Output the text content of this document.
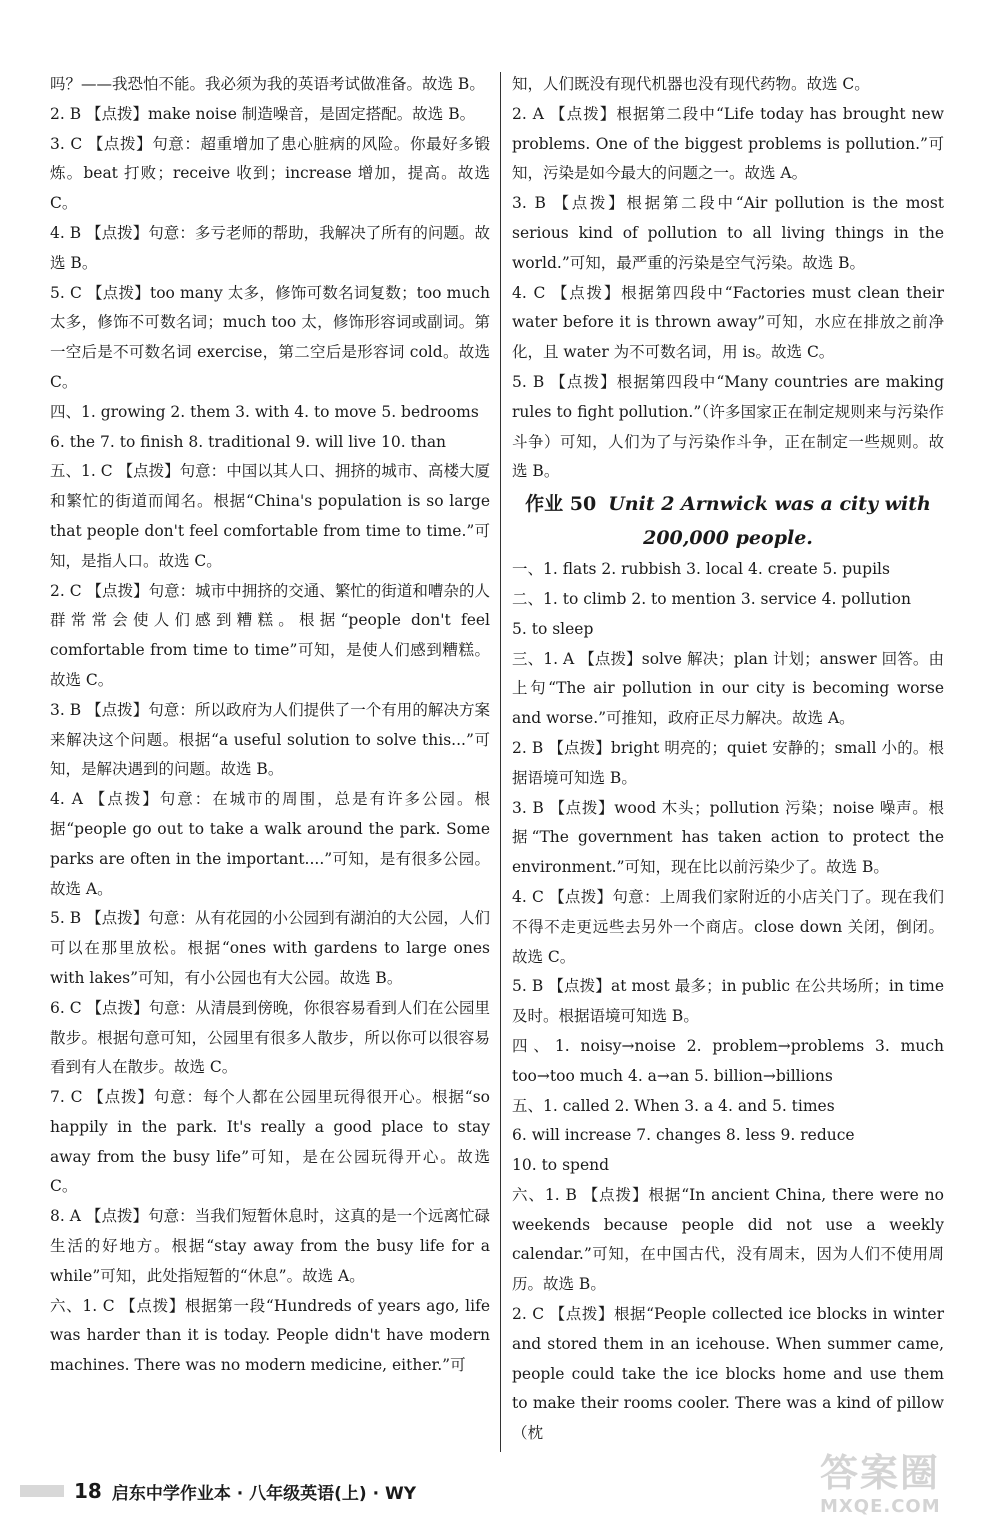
吗？——我恐怕不能。我必须为我的英语考试做准备。故选 B。

2. B 【点拨】make noise 制造噪音，是固定搭配。故选 B。

3. C 【点拨】句意：超重增加了患心脏病的风险。你最好多锻炼。beat 打败；receive 收到；increase 增加，提高。故选 C。

4. B 【点拨】句意：多亏老师的帮助，我解决了所有的问题。故选 B。

5. C 【点拨】too many 太多，修饰可数名词复数；too much 太多，修饰不可数名词；much too 太，修饰形容词或副词。第一空后是不可数名词 exercise，第二空后是形容词 cold。故选 C。

四、1. growing 2. them 3. with 4. to move 5. bedrooms

6. the 7. to finish 8. traditional 9. will live 10. than

五、1. C 【点拨】句意：中国以其人口、拥挤的城市、高楼大厦和繁忙的街道而闻名。根据“China's population is so large that people don't feel comfortable from time to time.”可知，是指人口。故选 C。

2. C 【点拨】句意：城市中拥挤的交通、繁忙的街道和嘈杂的人群常常会使人们感到糟糕。根据“people don't feel comfortable from time to time”可知，是使人们感到糟糕。故选 C。

3. B 【点拨】句意：所以政府为人们提供了一个有用的解决方案来解决这个问题。根据“a useful solution to solve this...”可知，是解决遇到的问题。故选 B。

4. A 【点拨】句意：在城市的周围，总是有许多公园。根据“people go out to take a walk around the park. Some parks are often in the important....”可知，是有很多公园。故选 A。

5. B 【点拨】句意：从有花园的小公园到有湖泊的大公园，人们可以在那里放松。根据“ones with gardens to large ones with lakes”可知，有小公园也有大公园。故选 B。

6. C 【点拨】句意：从清晨到傍晚，你很容易看到人们在公园里散步。根据句意可知，公园里有很多人散步，所以你可以很容易看到有人在散步。故选 C。

7. C 【点拨】句意：每个人都在公园里玩得很开心。根据“so happily in the park. It's really a good place to stay away from the busy life”可知，是在公园玩得开心。故选 C。

8. A 【点拨】句意：当我们短暂休息时，这真的是一个远离忙碌生活的好地方。根据“stay away from the busy life for a while”可知，此处指短暂的“休息”。故选 A。

六、1. C 【点拨】根据第一段“Hundreds of years ago, life was harder than it is today. People didn't have modern machines. There was no modern medicine, either.”可

知，人们既没有现代机器也没有现代药物。故选 C。

2. A 【点拨】根据第二段中“Life today has brought new problems. One of the biggest problems is pollution.”可知，污染是如今最大的问题之一。故选 A。

3. B 【点拨】根据第二段中“Air pollution is the most serious kind of pollution to all living things in the world.”可知，最严重的污染是空气污染。故选 B。

4. C 【点拨】根据第四段中“Factories must clean their water before it is thrown away”可知，水应在排放之前净化，且 water 为不可数名词，用 is。故选 C。

5. B 【点拨】根据第四段中“Many countries are making rules to fight pollution.”（许多国家正在制定规则来与污染作斗争）可知，人们为了与污染作斗争，正在制定一些规则。故选 B。

作业 50 Unit 2 Arnwick was a city with

200,000 people.

一、1. flats 2. rubbish 3. local 4. create 5. pupils

二、1. to climb 2. to mention 3. service 4. pollution

5. to sleep

三、1. A 【点拨】solve 解决；plan 计划；answer 回答。由上句“The air pollution in our city is becoming worse and worse.”可推知，政府正尽力解决。故选 A。

2. B 【点拨】bright 明亮的；quiet 安静的；small 小的。根据语境可知选 B。

3. B 【点拨】wood 木头；pollution 污染；noise 噪声。根据“The government has taken action to protect the environment.”可知，现在比以前污染少了。故选 B。

4. C 【点拨】句意：上周我们家附近的小店关门了。现在我们不得不走更远些去另外一个商店。close down 关闭，倒闭。故选 C。

5. B 【点拨】at most 最多；in public 在公共场所；in time 及时。根据语境可知选 B。

四、1. noisy→noise 2. problem→problems 3. much too→too much 4. a→an 5. billion→billions

五、1. called 2. When 3. a 4. and 5. times

6. will increase 7. changes 8. less 9. reduce

10. to spend

六、1. B 【点拨】根据“In ancient China, there were no weekends because people did not use a weekly calendar.”可知，在中国古代，没有周末，因为人们不使用周历。故选 B。

2. C 【点拨】根据“People collected ice blocks in winter and stored them in an icehouse. When summer came, people could take the ice blocks home and use them to make their rooms cooler. There was a kind of pillow（枕

18 启东中学作业本 · 八年级英语(上) · WY	答案圈
MXQE.COM
